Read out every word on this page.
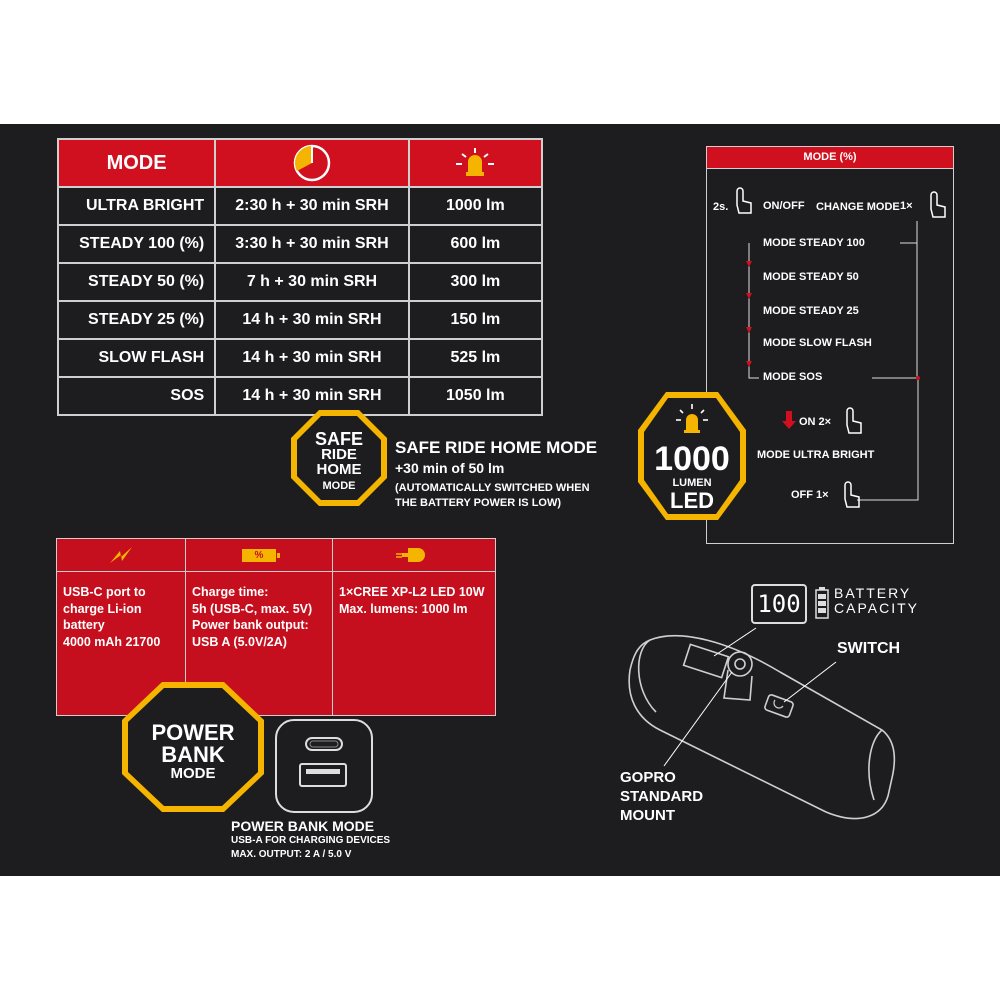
MODE		
ULTRA BRIGHT	2:30 h + 30 min SRH	1000 lm
STEADY 100 (%)	3:30 h + 30 min SRH	600 lm
STEADY 50 (%)	7 h + 30 min SRH	300 lm
STEADY 25 (%)	14 h + 30 min SRH	150 lm
SLOW FLASH	14 h + 30 min SRH	525 lm
SOS	14 h + 30 min SRH	1050 lm
SAFE
RIDE
HOME
MODE
SAFE RIDE HOME MODE
+30 min of 50 lm
(AUTOMATICALLY SWITCHED WHEN
THE BATTERY POWER IS LOW)
USB-C port to
charge Li-ion
battery
4000 mAh 21700
%
Charge time:
5h (USB-C, max. 5V)
Power bank output:
USB A (5.0V/2A)
1×CREE XP-L2 LED 10W
Max. lumens: 1000 lm
POWER
BANK
MODE
POWER BANK MODE
USB-A FOR CHARGING DEVICES
MAX. OUTPUT: 2 A / 5.0 V
MODE (%)
2s.	ON/OFF CHANGE MODE 1×
MODE STEADY 100
MODE STEADY 50
MODE STEADY 25
MODE SLOW FLASH
MODE SOS
ON 2×
MODE ULTRA BRIGHT
OFF 1×
1000
LUMEN
LED
100	BATTERY
CAPACITY
SWITCH
GOPRO
STANDARD
MOUNT
